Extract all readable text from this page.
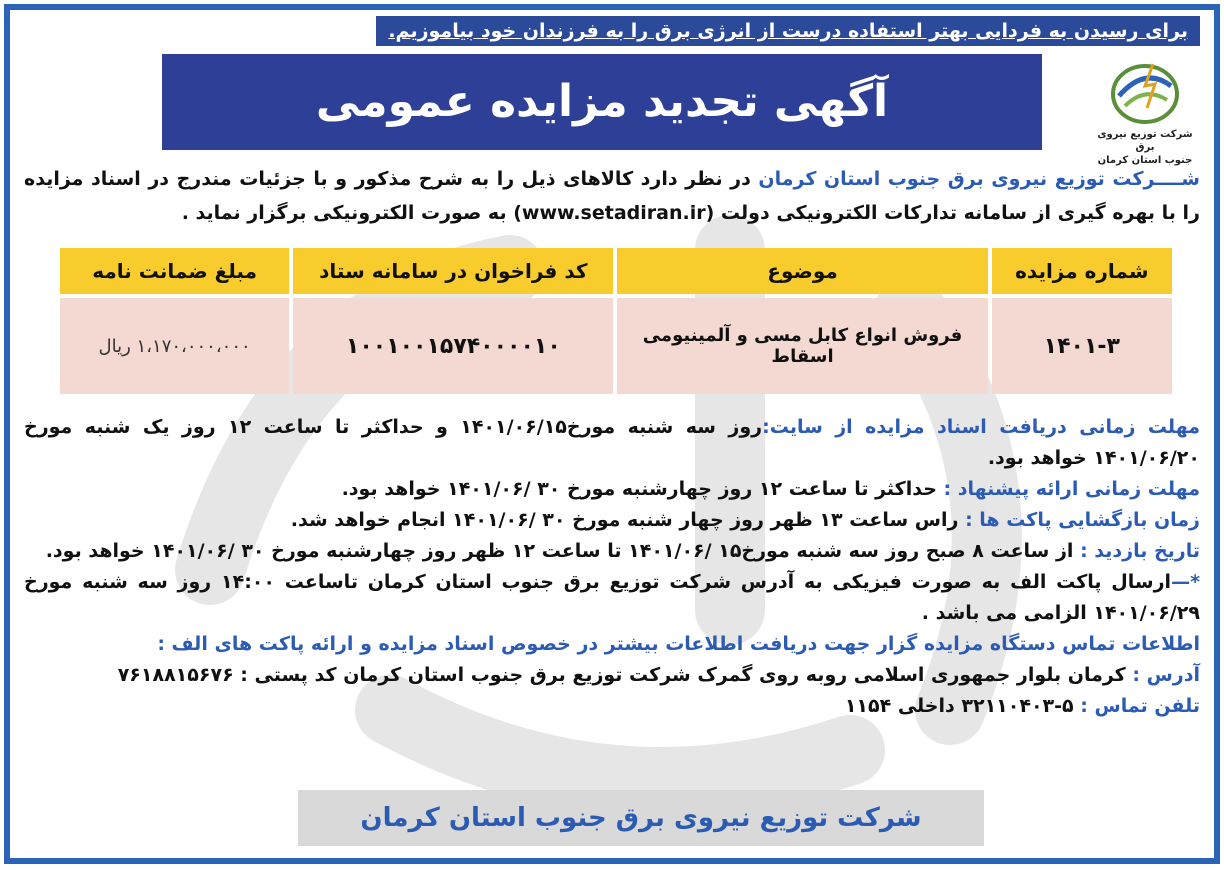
برای رسیدن به فردایی بهتر استفاده درست از انرژی برق را به فرزندان خود بیاموزیم.
شرکت توزیع نیروی برق
جنوب استان کرمان
آگهی تجدید مزایده عمومی
شــــرکت توزیع نیروی برق جنوب استان کرمان در نظر دارد کالاهای ذیل را به شرح مذکور و با جزئیات مندرج در اسناد مزایده را با بهره گیری از سامانه تدارکات الکترونیکی دولت (www.setadiran.ir) به صورت الکترونیکی برگزار نماید .
شماره مزایده	موضوع	کد فراخوان در سامانه ستاد	مبلغ ضمانت نامه
۱۴۰۱-۳	فروش انواع کابل مسی و آلمینیومی اسقاط	۱۰۰۱۰۰۱۵۷۴۰۰۰۰۱۰	۱،۱۷۰،۰۰۰،۰۰۰ ریال

مهلت زمانی دریافت اسناد مزایده از سایت:روز سه شنبه مورخ۱۴۰۱/۰۶/۱۵ و حداکثر تا ساعت ۱۲ روز یک شنبه مورخ ۱۴۰۱/۰۶/۲۰ خواهد بود.

مهلت زمانی ارائه پیشنهاد : حداکثر تا ساعت ۱۲ روز چهارشنبه مورخ ۳۰ /۱۴۰۱/۰۶ خواهد بود.

زمان بازگشایی پاکت ها : راس ساعت ۱۳ ظهر روز چهار شنبه مورخ ۳۰ /۱۴۰۱/۰۶ انجام خواهد شد.

تاریخ بازدید : از ساعت ۸ صبح روز سه شنبه مورخ۱۵ /۱۴۰۱/۰۶ تا ساعت ۱۲ ظهر روز چهارشنبه مورخ ۳۰ /۱۴۰۱/۰۶ خواهد بود.

*—ارسال پاکت الف به صورت فیزیکی به آدرس شرکت توزیع برق جنوب استان کرمان تاساعت ۱۴:۰۰ روز سه شنبه مورخ ۱۴۰۱/۰۶/۲۹ الزامی می باشد .

اطلاعات تماس دستگاه مزایده گزار جهت دریافت اطلاعات بیشتر در خصوص اسناد مزایده و ارائه پاکت های الف :

آدرس : کرمان بلوار جمهوری اسلامی روبه روی گمرک شرکت توزیع برق جنوب استان کرمان کد پستی : ۷۶۱۸۸۱۵۶۷۶

تلفن تماس : ۵-۳۲۱۱۰۴۰۳ داخلی ۱۱۵۴

شرکت توزیع نیروی برق جنوب استان کرمان
